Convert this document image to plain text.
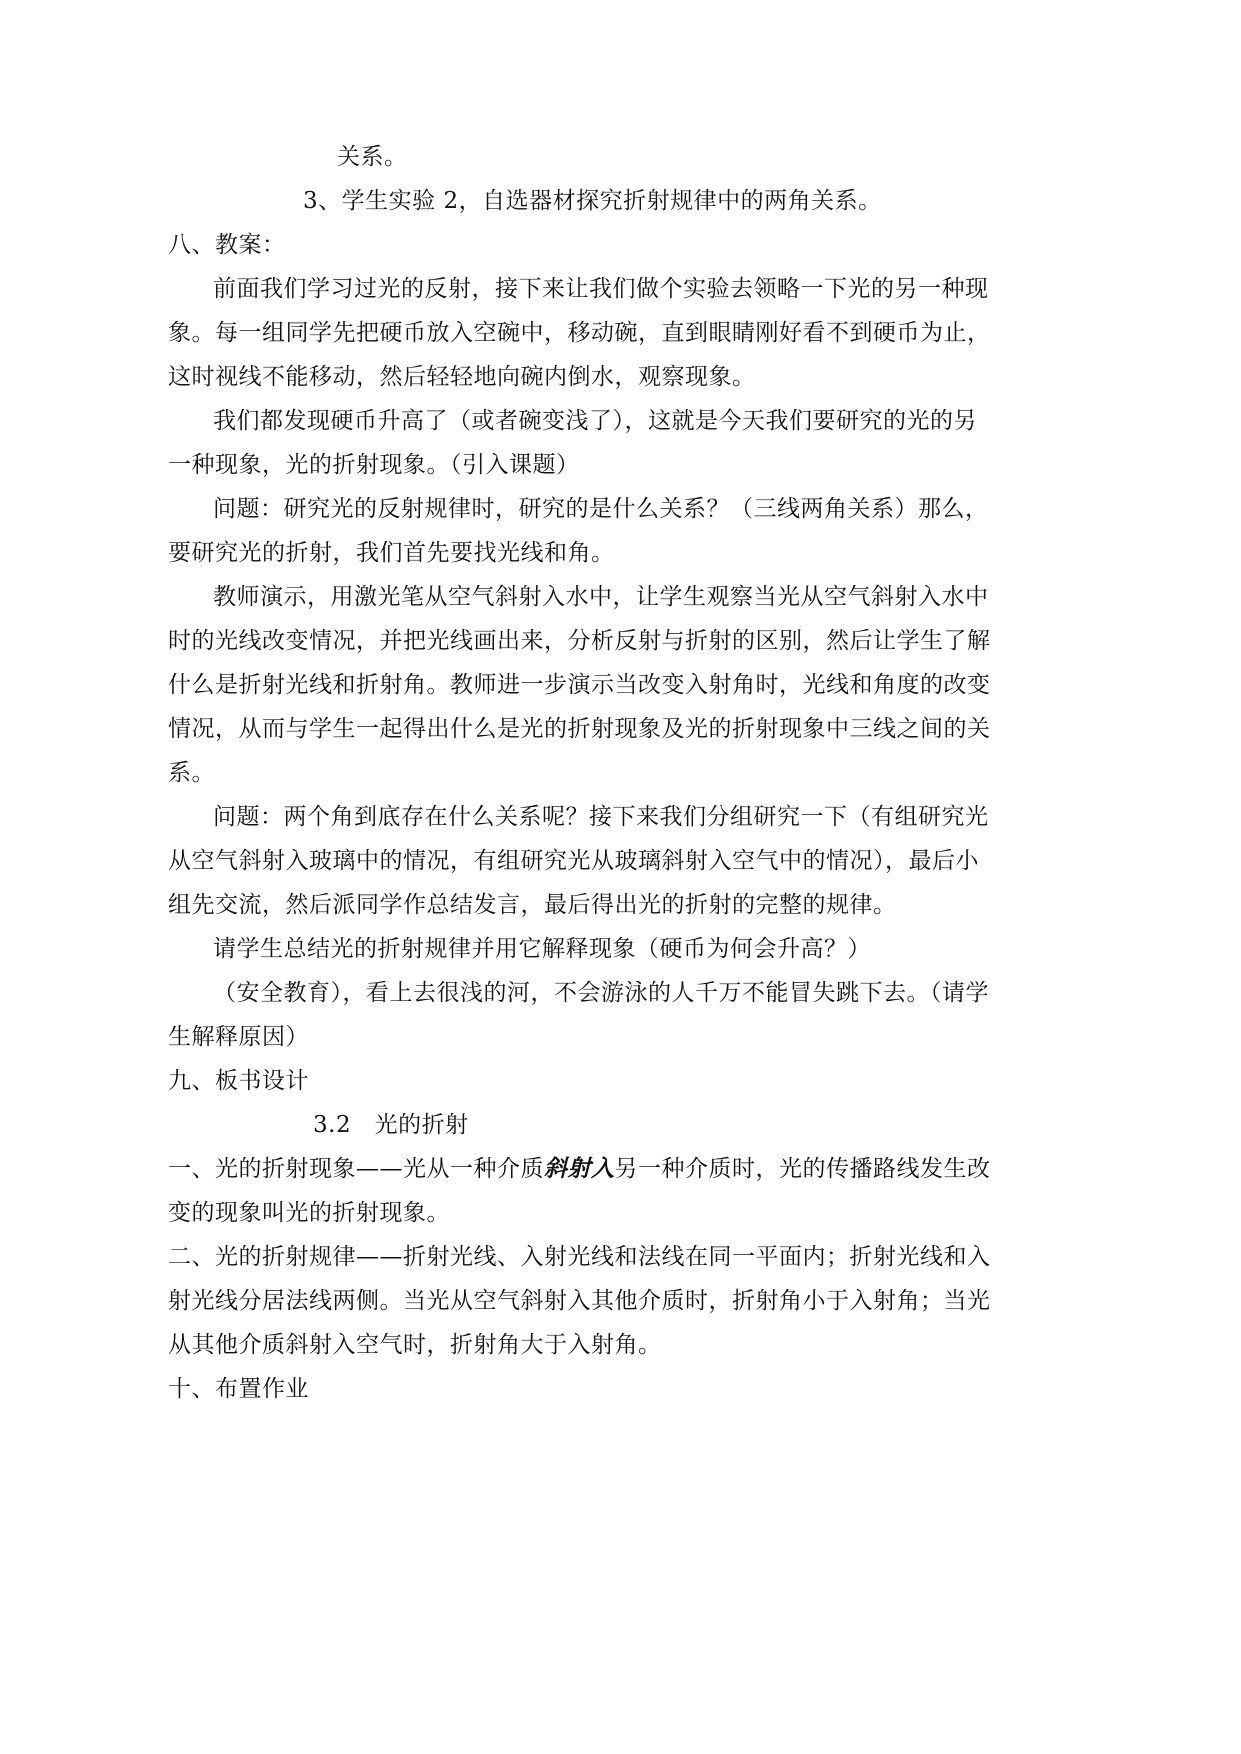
关系。
3、学生实验 2，自选器材探究折射规律中的两角关系。
八、教案：
前面我们学习过光的反射，接下来让我们做个实验去领略一下光的另一种现
象。每一组同学先把硬币放入空碗中，移动碗，直到眼睛刚好看不到硬币为止，
这时视线不能移动，然后轻轻地向碗内倒水，观察现象。
我们都发现硬币升高了（或者碗变浅了），这就是今天我们要研究的光的另
一种现象，光的折射现象。（引入课题）
问题：研究光的反射规律时，研究的是什么关系？（三线两角关系）那么，
要研究光的折射，我们首先要找光线和角。
教师演示，用激光笔从空气斜射入水中，让学生观察当光从空气斜射入水中
时的光线改变情况，并把光线画出来，分析反射与折射的区别，然后让学生了解
什么是折射光线和折射角。教师进一步演示当改变入射角时，光线和角度的改变
情况，从而与学生一起得出什么是光的折射现象及光的折射现象中三线之间的关
系。
问题：两个角到底存在什么关系呢？接下来我们分组研究一下（有组研究光
从空气斜射入玻璃中的情况，有组研究光从玻璃斜射入空气中的情况），最后小
组先交流，然后派同学作总结发言，最后得出光的折射的完整的规律。
请学生总结光的折射规律并用它解释现象（硬币为何会升高？）
（安全教育），看上去很浅的河，不会游泳的人千万不能冒失跳下去。（请学
生解释原因）
九、板书设计
3.2　光的折射
一、光的折射现象——光从一种介质斜射入另一种介质时，光的传播路线发生改
变的现象叫光的折射现象。
二、光的折射规律——折射光线、入射光线和法线在同一平面内；折射光线和入
射光线分居法线两侧。当光从空气斜射入其他介质时，折射角小于入射角；当光
从其他介质斜射入空气时，折射角大于入射角。
十、布置作业
